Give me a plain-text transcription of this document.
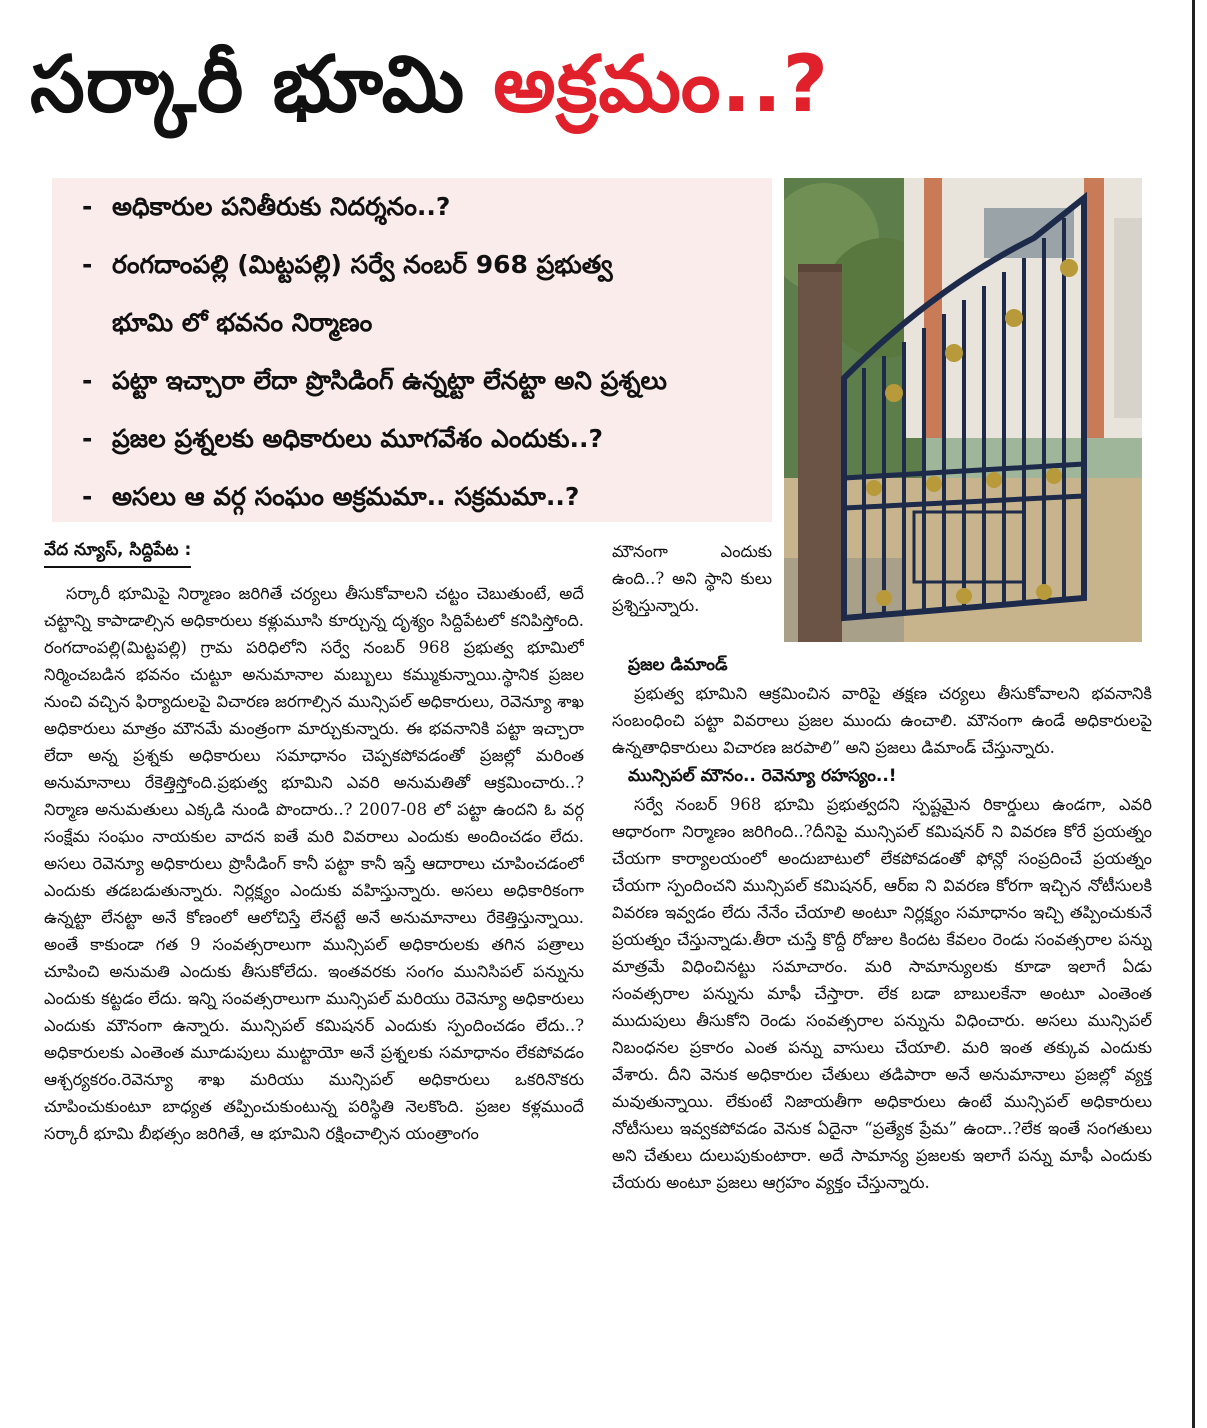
సర్కారీ భూమి అక్రమం..?
- అధికారుల పనితీరుకు నిదర్శనం..?
- రంగదాంపల్లి (మిట్టపల్లి) సర్వే నంబర్ 968 ప్రభుత్వ
భూమి లో భవనం నిర్మాణం
- పట్టా ఇచ్చారా లేదా ప్రొసిడింగ్ ఉన్నట్టా లేనట్టా అని ప్రశ్నలు
- ప్రజల ప్రశ్నలకు అధికారులు మూగవేశం ఎందుకు..?
- అసలు ఆ వర్గ సంఘం అక్రమమా.. సక్రమమా..?
వేద న్యూస్, సిద్దిపేట :

సర్కారీ భూమిపై నిర్మాణం జరిగితే చర్యలు తీసుకోవాలని చట్టం చెబుతుంటే, అదే చట్టాన్ని కాపాడాల్సిన అధికారులు కళ్లుమూసి కూర్చున్న దృశ్యం సిద్దిపేటలో కనిపిస్తోంది. రంగదాంపల్లి(మిట్టపల్లి) గ్రామ పరిధిలోని సర్వే నంబర్ 968 ప్రభుత్వ భూమిలో నిర్మించబడిన భవనం చుట్టూ అనుమానాల మబ్బులు కమ్ముకున్నాయి.స్థానిక ప్రజల నుంచి వచ్చిన ఫిర్యాదులపై విచారణ జరగాల్సిన మున్సిపల్ అధికారులు, రెవెన్యూ శాఖ అధికారులు మాత్రం మౌనమే మంత్రంగా మార్చుకున్నారు. ఈ భవనానికి పట్టా ఇచ్చారా లేదా అన్న ప్రశ్నకు అధికారులు సమాధానం చెప్పకపోవడంతో ప్రజల్లో మరింత అనుమానాలు రేకెత్తిస్తోంది.ప్రభుత్వ భూమిని ఎవరి అనుమతితో ఆక్రమించారు..? నిర్మాణ అనుమతులు ఎక్కడి నుండి పొందారు..? 2007-08 లో పట్టా ఉందని ఓ వర్గ సంక్షేమ సంఘం నాయకుల వాదన ఐతే మరి వివరాలు ఎందుకు అందించడం లేదు. అసలు రెవెన్యూ అధికారులు ప్రొసీడింగ్ కానీ పట్టా కానీ ఇస్తే ఆదారాలు చూపించడంలో ఎందుకు తడబడుతున్నారు. నిర్లక్ష్యం ఎందుకు వహిస్తున్నారు. అసలు అధికారికంగా ఉన్నట్టా లేనట్టా అనే కోణంలో ఆలోచిస్తే లేనట్టే అనే అనుమానాలు రేకెత్తిస్తున్నాయి. అంతే కాకుండా గత 9 సంవత్సరాలుగా మున్సిపల్ అధికారులకు తగిన పత్రాలు చూపించి అనుమతి ఎందుకు తీసుకోలేదు. ఇంతవరకు సంగం మునిసిపల్ పన్నును ఎందుకు కట్టడం లేదు. ఇన్ని సంవత్సరాలుగా మున్సిపల్ మరియు రెవెన్యూ అధికారులు ఎందుకు మౌనంగా ఉన్నారు. మున్సిపల్ కమిషనర్ ఎందుకు స్పందించడం లేదు..? అధికారులకు ఎంతెంత మూడుపులు ముట్టాయో అనే ప్రశ్నలకు సమాధానం లేకపోవడం ఆశ్చర్యకరం.రెవెన్యూ శాఖ మరియు మున్సిపల్ అధికారులు ఒకరినొకరు చూపించుకుంటూ బాధ్యత తప్పించుకుంటున్న పరిస్థితి నెలకొంది. ప్రజల కళ్లముందే సర్కారీ భూమి బీభత్సం జరిగితే, ఆ భూమిని రక్షించాల్సిన యంత్రాంగం

మౌనంగా ఎందుకు ఉంది..? అని స్థాని కులు ప్రశ్నిస్తున్నారు.

ప్రజల డిమాండ్

ప్రభుత్వ భూమిని ఆక్రమించిన వారిపై తక్షణ చర్యలు తీసుకోవాలని భవనానికి సంబంధించి పట్టా వివరాలు ప్రజల ముందు ఉంచాలి. మౌనంగా ఉండే అధికారులపై ఉన్నతాధికారులు విచారణ జరపాలి” అని ప్రజలు డిమాండ్ చేస్తున్నారు.

మున్సిపల్ మౌనం.. రెవెన్యూ రహస్యం..!

సర్వే నంబర్ 968 భూమి ప్రభుత్వదని స్పష్టమైన రికార్డులు ఉండగా, ఎవరి ఆధారంగా నిర్మాణం జరిగింది..?దీనిపై మున్సిపల్ కమిషనర్ ని వివరణ కోరే ప్రయత్నం చేయగా కార్యాలయంలో అందుబాటులో లేకపోవడంతో ఫోన్లో సంప్రదించే ప్రయత్నం చేయగా స్పందించని మున్సిపల్ కమిషనర్, ఆర్ఐ ని వివరణ కోరగా ఇచ్చిన నోటీసులకి వివరణ ఇవ్వడం లేదు నేనేం చేయాలి అంటూ నిర్లక్ష్యం సమాధానం ఇచ్చి తప్పించుకునే ప్రయత్నం చేస్తున్నాడు.తీరా చుస్తే కొద్దీ రోజుల కిందట కేవలం రెండు సంవత్సరాల పన్ను మాత్రమే విధించినట్టు సమాచారం. మరి సామాన్యులకు కూడా ఇలాగే ఏడు సంవత్సరాల పన్నును మాఫీ చేస్తారా. లేక బడా బాబులకేనా అంటూ ఎంతెంత ముదుపులు తీసుకోని రెండు సంవత్సరాల పన్నును విధించారు. అసలు మున్సిపల్ నిబంధనల ప్రకారం ఎంత పన్ను వాసులు చేయాలి. మరి ఇంత తక్కువ ఎందుకు వేశారు. దీని వెనుక అధికారుల చేతులు తడిపారా అనే అనుమానాలు ప్రజల్లో వ్యక్త మవుతున్నాయి. లేకుంటే నిజాయతీగా అధికారులు ఉంటే మున్సిపల్ అధికారులు నోటీసులు ఇవ్వకపోవడం వెనుక ఏదైనా “ప్రత్యేక ప్రేమ” ఉందా..?లేక ఇంతే సంగతులు అని చేతులు దులుపుకుంటారా. అదే సామాన్య ప్రజలకు ఇలాగే పన్ను మాఫీ ఎందుకు చేయరు అంటూ ప్రజలు ఆగ్రహం వ్యక్తం చేస్తున్నారు.
